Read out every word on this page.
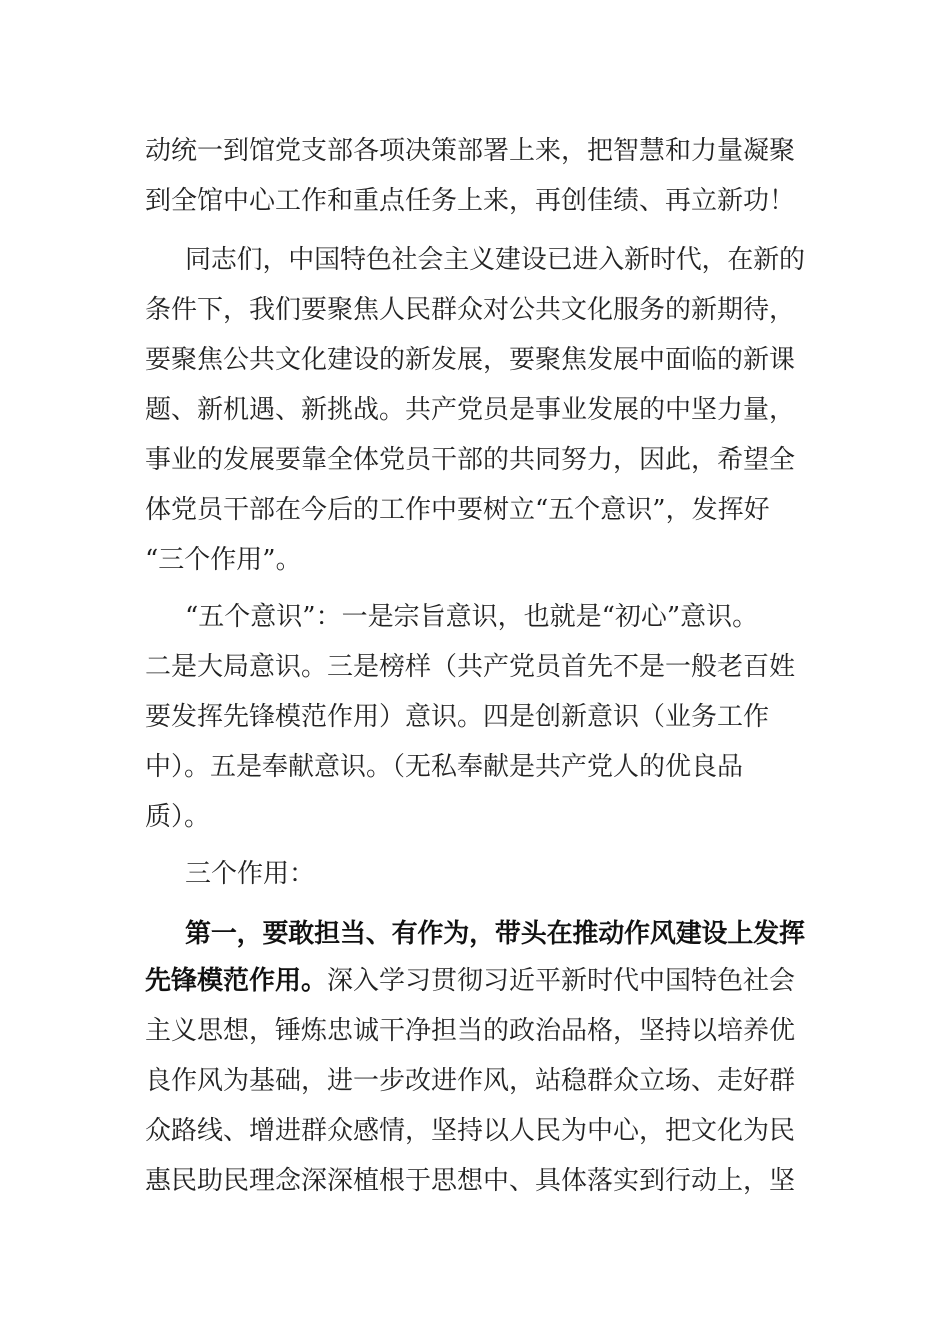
动统一到馆党支部各项决策部署上来，把智慧和力量凝聚
到全馆中心工作和重点任务上来，再创佳绩、再立新功！
同志们，中国特色社会主义建设已进入新时代，在新的
条件下，我们要聚焦人民群众对公共文化服务的新期待，
要聚焦公共文化建设的新发展，要聚焦发展中面临的新课
题、新机遇、新挑战。共产党员是事业发展的中坚力量，
事业的发展要靠全体党员干部的共同努力，因此，希望全
体党员干部在今后的工作中要树立“五个意识”，发挥好
“三个作用”。
“五个意识”：一是宗旨意识，也就是“初心”意识。
二是大局意识。三是榜样（共产党员首先不是一般老百姓
要发挥先锋模范作用）意识。四是创新意识（业务工作
中）。五是奉献意识。（无私奉献是共产党人的优良品
质）。
三个作用：
第一，要敢担当、有作为，带头在推动作风建设上发挥
先锋模范作用。深入学习贯彻习近平新时代中国特色社会
主义思想，锤炼忠诚干净担当的政治品格，坚持以培养优
良作风为基础，进一步改进作风，站稳群众立场、走好群
众路线、增进群众感情，坚持以人民为中心，把文化为民
惠民助民理念深深植根于思想中、具体落实到行动上，坚
